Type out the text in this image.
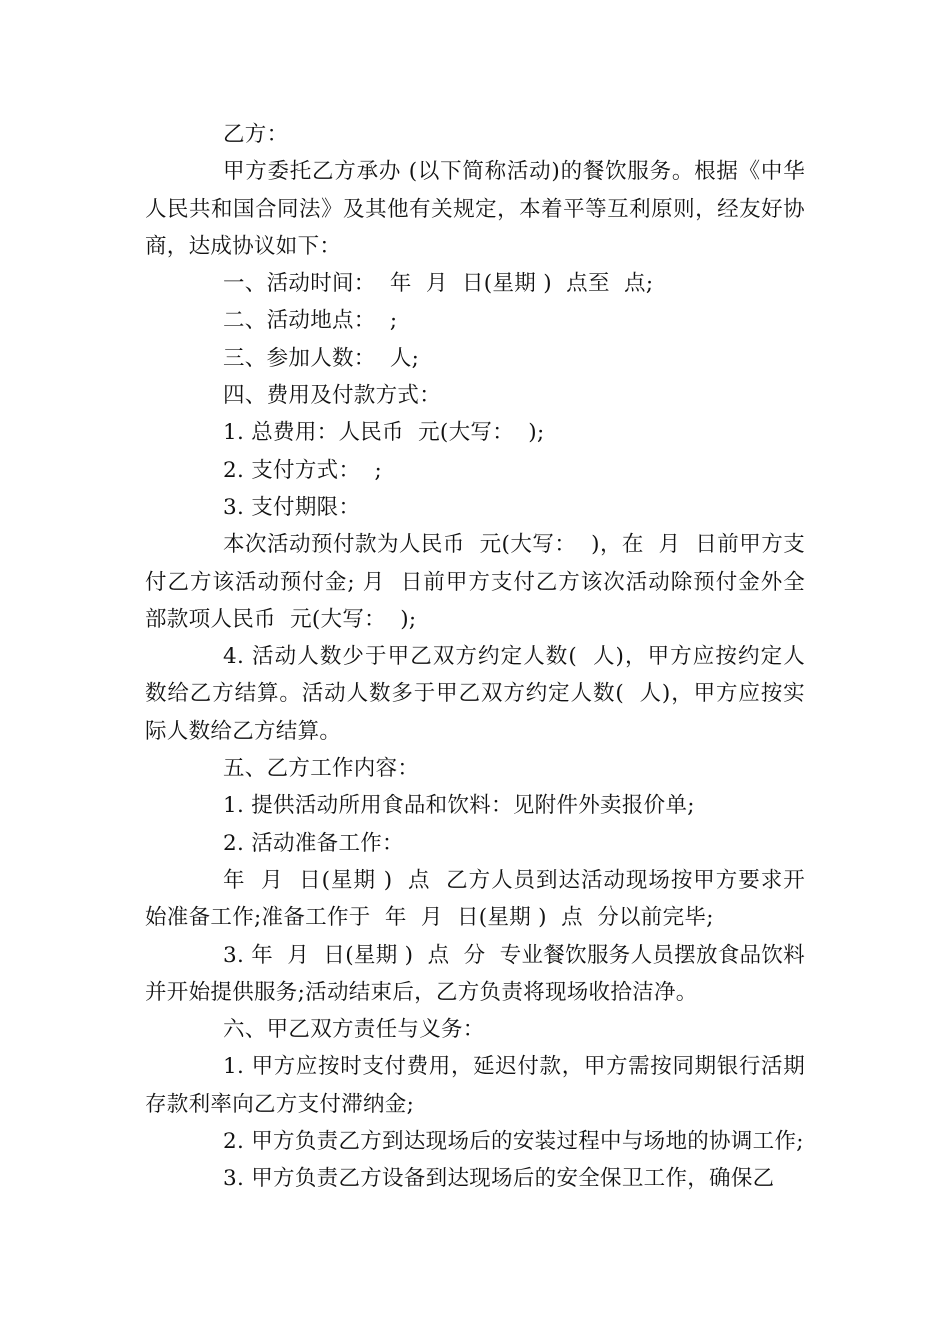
乙方：

甲方委托乙方承办 (以下简称活动)的餐饮服务。根据《中华人民共和国合同法》及其他有关规定，本着平等互利原则，经友好协商，达成协议如下：

一、活动时间：  年  月  日(星期 )  点至  点;

二、活动地点：  ;

三、参加人数：  人;

四、费用及付款方式：

1. 总费用：人民币  元(大写：  );

2. 支付方式：  ;

3. 支付期限：

本次活动预付款为人民币  元(大写：  )，在  月  日前甲方支付乙方该活动预付金; 月  日前甲方支付乙方该次活动除预付金外全部款项人民币  元(大写：  );

4. 活动人数少于甲乙双方约定人数(  人)，甲方应按约定人数给乙方结算。活动人数多于甲乙双方约定人数(  人)，甲方应按实际人数给乙方结算。

五、乙方工作内容：

1. 提供活动所用食品和饮料：见附件外卖报价单;

2. 活动准备工作：

年  月  日(星期 )  点  乙方人员到达活动现场按甲方要求开始准备工作;准备工作于  年  月  日(星期 )  点  分以前完毕;

3. 年  月  日(星期 )  点  分  专业餐饮服务人员摆放食品饮料并开始提供服务;活动结束后，乙方负责将现场收拾洁净。

六、甲乙双方责任与义务：

1. 甲方应按时支付费用，延迟付款，甲方需按同期银行活期存款利率向乙方支付滞纳金;

2. 甲方负责乙方到达现场后的安装过程中与场地的协调工作;

3. 甲方负责乙方设备到达现场后的安全保卫工作，确保乙
